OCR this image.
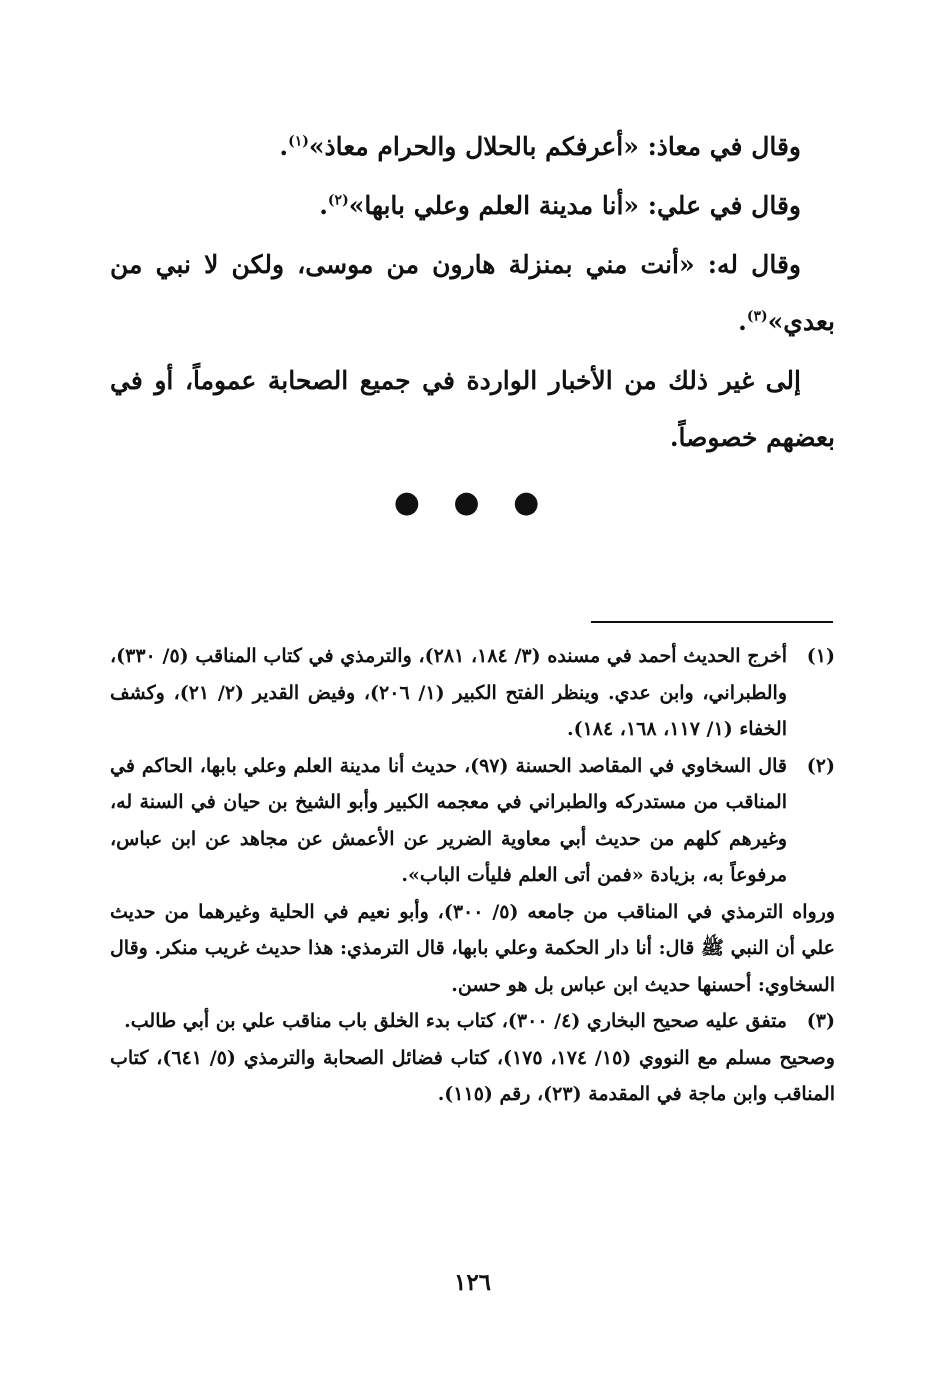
وقال في معاذ: «أعرفكم بالحلال والحرام معاذ»$^{(١)}$.

وقال في علي: «أنا مدينة العلم وعلي بابها»$^{(٢)}$.

وقال له: «أنت مني بمنزلة هارون من موسى، ولكن لا نبي من بعدي»$^{(٣)}$.

إلى غير ذلك من الأخبار الواردة في جميع الصحابة عموماً، أو في بعضهم خصوصاً.

● ● ●
(١)

أخرج الحديث أحمد في مسنده (٣/ ١٨٤، ٢٨١)، والترمذي في كتاب المناقب (٥/ ٣٣٠)، والطبراني، وابن عدي. وينظر الفتح الكبير (١/ ٢٠٦)، وفيض القدير (٢/ ٢١)، وكشف الخفاء (١/ ١١٧، ١٦٨، ١٨٤).

(٢)

قال السخاوي في المقاصد الحسنة (٩٧)، حديث أنا مدينة العلم وعلي بابها، الحاكم في المناقب من مستدركه والطبراني في معجمه الكبير وأبو الشيخ بن حيان في السنة له، وغيرهم كلهم من حديث أبي معاوية الضرير عن الأعمش عن مجاهد عن ابن عباس، مرفوعاً به، بزيادة «فمن أتى العلم فليأت الباب».

ورواه الترمذي في المناقب من جامعه (٥/ ٣٠٠)، وأبو نعيم في الحلية وغيرهما من حديث علي أن النبي ﷺ قال: أنا دار الحكمة وعلي بابها، قال الترمذي: هذا حديث غريب منكر. وقال السخاوي: أحسنها حديث ابن عباس بل هو حسن.

(٣)

متفق عليه صحيح البخاري (٤/ ٣٠٠)، كتاب بدء الخلق باب مناقب علي بن أبي طالب.

وصحيح مسلم مع النووي (١٥/ ١٧٤، ١٧٥)، كتاب فضائل الصحابة والترمذي (٥/ ٦٤١)، كتاب المناقب وابن ماجة في المقدمة (٢٣)، رقم (١١٥).

١٢٦
